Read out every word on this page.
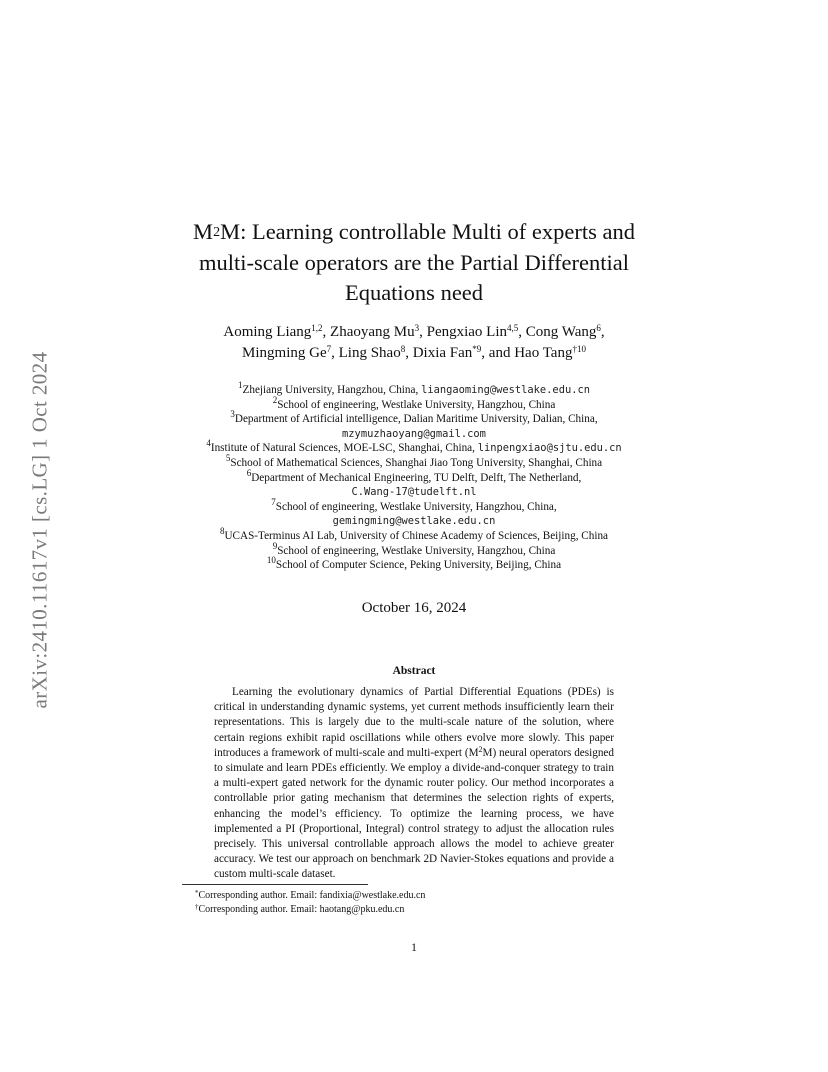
arXiv:2410.11617v1 [cs.LG] 1 Oct 2024
$M^2M$: Learning controllable Multi of experts and
multi-scale operators are the Partial Differential
Equations need
Aoming Liang$^{1,2}$, Zhaoyang Mu$^3$, Pengxiao Lin$^{4,5}$, Cong Wang$^6$,
Mingming Ge$^7$, Ling Shao$^8$, Dixia Fan$^{*9}$, and Hao Tang$^{\dagger 10}$
$^1$Zhejiang University, Hangzhou, China, liangaoming@westlake.edu.cn
$^2$School of engineering, Westlake University, Hangzhou, China
$^3$Department of Artificial intelligence, Dalian Maritime University, Dalian, China,
mzymuzhaoyang@gmail.com
$^4$Institute of Natural Sciences, MOE-LSC, Shanghai, China, linpengxiao@sjtu.edu.cn
$^5$School of Mathematical Sciences, Shanghai Jiao Tong University, Shanghai, China
$^6$Department of Mechanical Engineering, TU Delft, Delft, The Netherland,
C.Wang-17@tudelft.nl
$^7$School of engineering, Westlake University, Hangzhou, China,
gemingming@westlake.edu.cn
$^8$UCAS-Terminus AI Lab, University of Chinese Academy of Sciences, Beijing, China
$^9$School of engineering, Westlake University, Hangzhou, China
$^{10}$School of Computer Science, Peking University, Beijing, China
October 16, 2024
Abstract
Learning the evolutionary dynamics of Partial Differential Equations (PDEs) is critical in understanding dynamic systems, yet current methods insufficiently learn their representations. This is largely due to the multi-scale nature of the solution, where certain regions exhibit rapid oscillations while others evolve more slowly. This paper introduces a framework of multi-scale and multi-expert $(M^2M)$ neural operators designed to simulate and learn PDEs efficiently. We employ a divide-and-conquer strategy to train a multi-expert gated network for the dynamic router policy. Our method incorporates a controllable prior gating mechanism that determines the selection rights of experts, enhancing the model’s efficiency. To optimize the learning process, we have implemented a PI (Proportional, Integral) control strategy to adjust the allocation rules precisely. This universal controllable approach allows the model to achieve greater accuracy. We test our approach on benchmark 2D Navier-Stokes equations and provide a custom multi-scale dataset.
*Corresponding author. Email: fandixia@westlake.edu.cn
†Corresponding author. Email: haotang@pku.edu.cn
1
